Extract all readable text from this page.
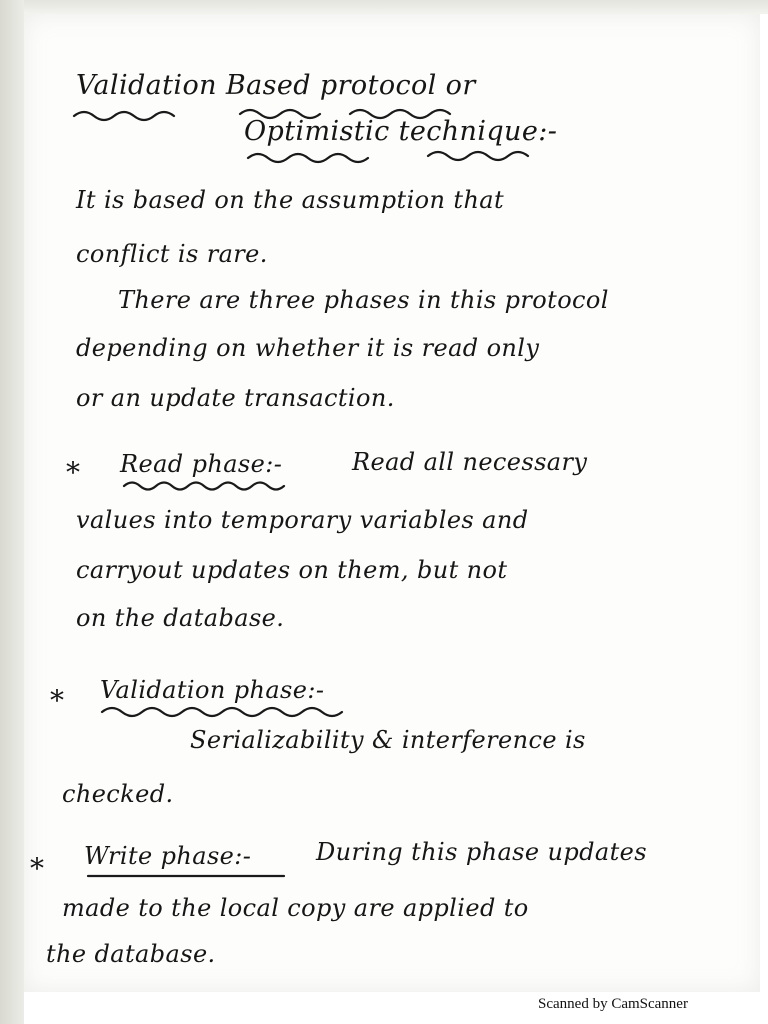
Validation Based protocol or
Optimistic technique:-
It is based on the assumption that
conflict is rare.
There are three phases in this protocol
depending on whether it is read only
or an update transaction.
* Read phase:-	Read all necessary
values into temporary variables and
carryout updates on them, but not
on the database.
* Validation phase:-
Serializability & interference is
checked.
* Write phase:-	During this phase updates
made to the local copy are applied to
the database.
Scanned by CamScanner
